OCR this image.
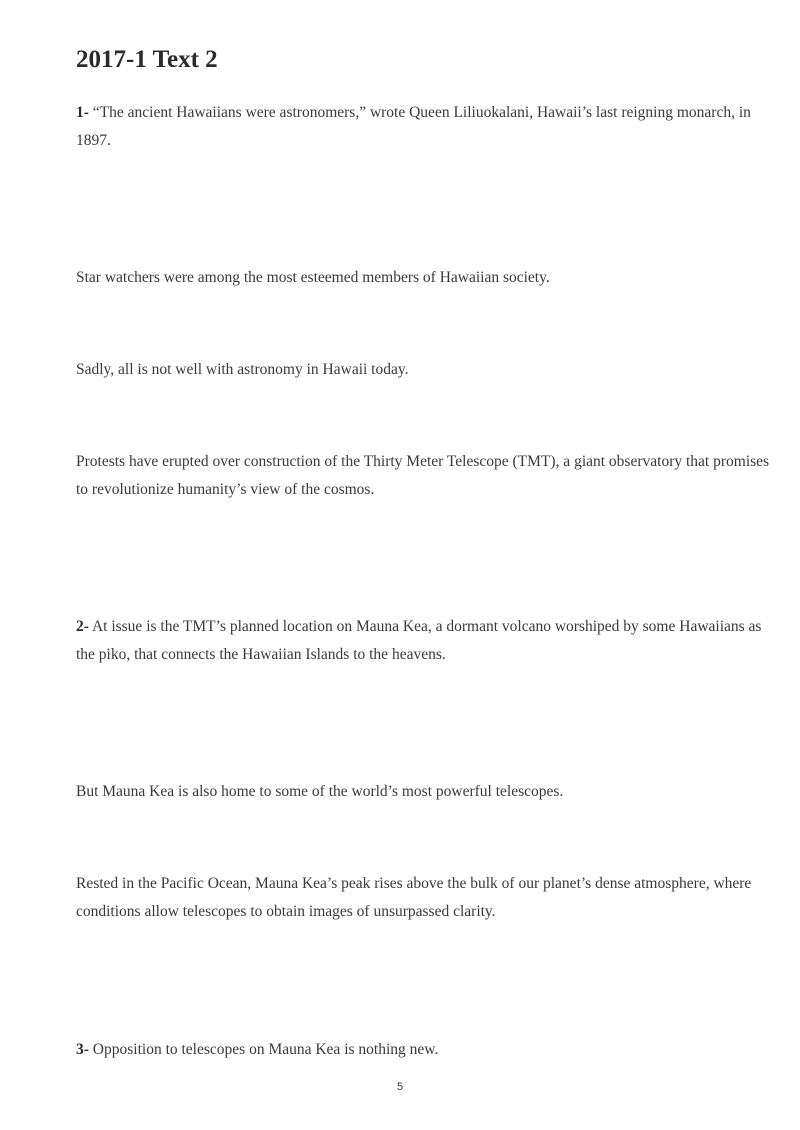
2017-1 Text 2

1- “The ancient Hawaiians were astronomers,” wrote Queen Liliuokalani, Hawaii’s last reigning monarch, in 1897.

Star watchers were among the most esteemed members of Hawaiian society.

Sadly, all is not well with astronomy in Hawaii today.

Protests have erupted over construction of the Thirty Meter Telescope (TMT), a giant observatory that promises to revolutionize humanity’s view of the cosmos.

2- At issue is the TMT’s planned location on Mauna Kea, a dormant volcano worshiped by some Hawaiians as the piko, that connects the Hawaiian Islands to the heavens.

But Mauna Kea is also home to some of the world’s most powerful telescopes.

Rested in the Pacific Ocean, Mauna Kea’s peak rises above the bulk of our planet’s dense atmosphere, where conditions allow telescopes to obtain images of unsurpassed clarity.

3- Opposition to telescopes on Mauna Kea is nothing new.

5
